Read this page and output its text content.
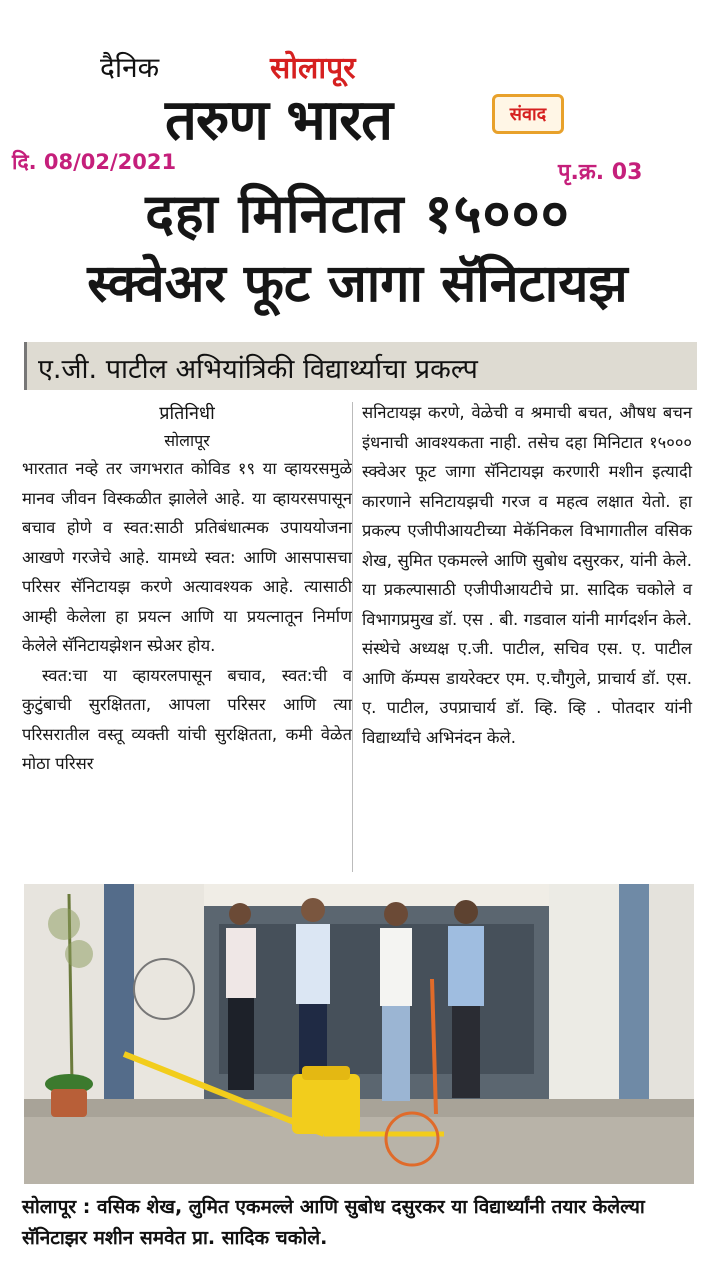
दैनिक	सोलापूर
तरुण भारत	संवाद
दि. 08/02/2021	पृ.क्र. 03
दहा मिनिटात १५०००
स्क्वेअर फूट जागा सॅनिटायझ
ए.जी. पाटील अभियांत्रिकी विद्यार्थ्याचा प्रकल्प

प्रतिनिधी

सोलापूर

भारतात नव्हे तर जगभरात कोविड १९ या व्हायरसमुळे मानव जीवन विस्कळीत झालेले आहे. या व्हायरसपासून बचाव होणे व स्वत:साठी प्रतिबंधात्मक उपाययोजना आखणे गरजेचे आहे. यामध्ये स्वत: आणि आसपासचा परिसर सॅनिटायझ करणे अत्यावश्यक आहे. त्यासाठी आम्ही केलेला हा प्रयत्न आणि या प्रयत्नातून निर्माण केलेले सॅनिटायझेशन स्प्रेअर होय.

स्वत:चा या व्हायरलपासून बचाव, स्वत:ची व कुटुंबाची सुरक्षितता, आपला परिसर आणि त्या परिसरातील वस्तू व्यक्ती यांची सुरक्षितता, कमी वेळेत मोठा परिसर

सनिटायझ करणे, वेळेची व श्रमाची बचत, औषध बचन इंधनाची आवश्यकता नाही. तसेच दहा मिनिटात १५००० स्क्वेअर फूट जागा सॅनिटायझ करणारी मशीन इत्यादी कारणाने सनिटायझची गरज व महत्व लक्षात येतो. हा प्रकल्प एजीपीआयटीच्या मेकॅनिकल विभागातील वसिक शेख, सुमित एकमल्ले आणि सुबोध दसुरकर, यांनी केले. या प्रकल्पासाठी एजीपीआयटीचे प्रा. सादिक चकोले व विभागप्रमुख डॉ. एस . बी. गडवाल यांनी मार्गदर्शन केले. संस्थेचे अध्यक्ष ए.जी. पाटील, सचिव एस. ए. पाटील आणि कॅम्पस डायरेक्टर एम. ए.चौगुले, प्राचार्य डॉ. एस. ए. पाटील, उपप्राचार्य डॉ. व्हि. व्हि . पोतदार यांनी विद्यार्थ्यांचे अभिनंदन केले.

सोलापूर : वसिक शेख, लुमित एकमल्ले आणि सुबोध दसुरकर या विद्यार्थ्यांनी तयार केलेल्या सॅनिटाझर मशीन समवेत प्रा. सादिक चकोले.
